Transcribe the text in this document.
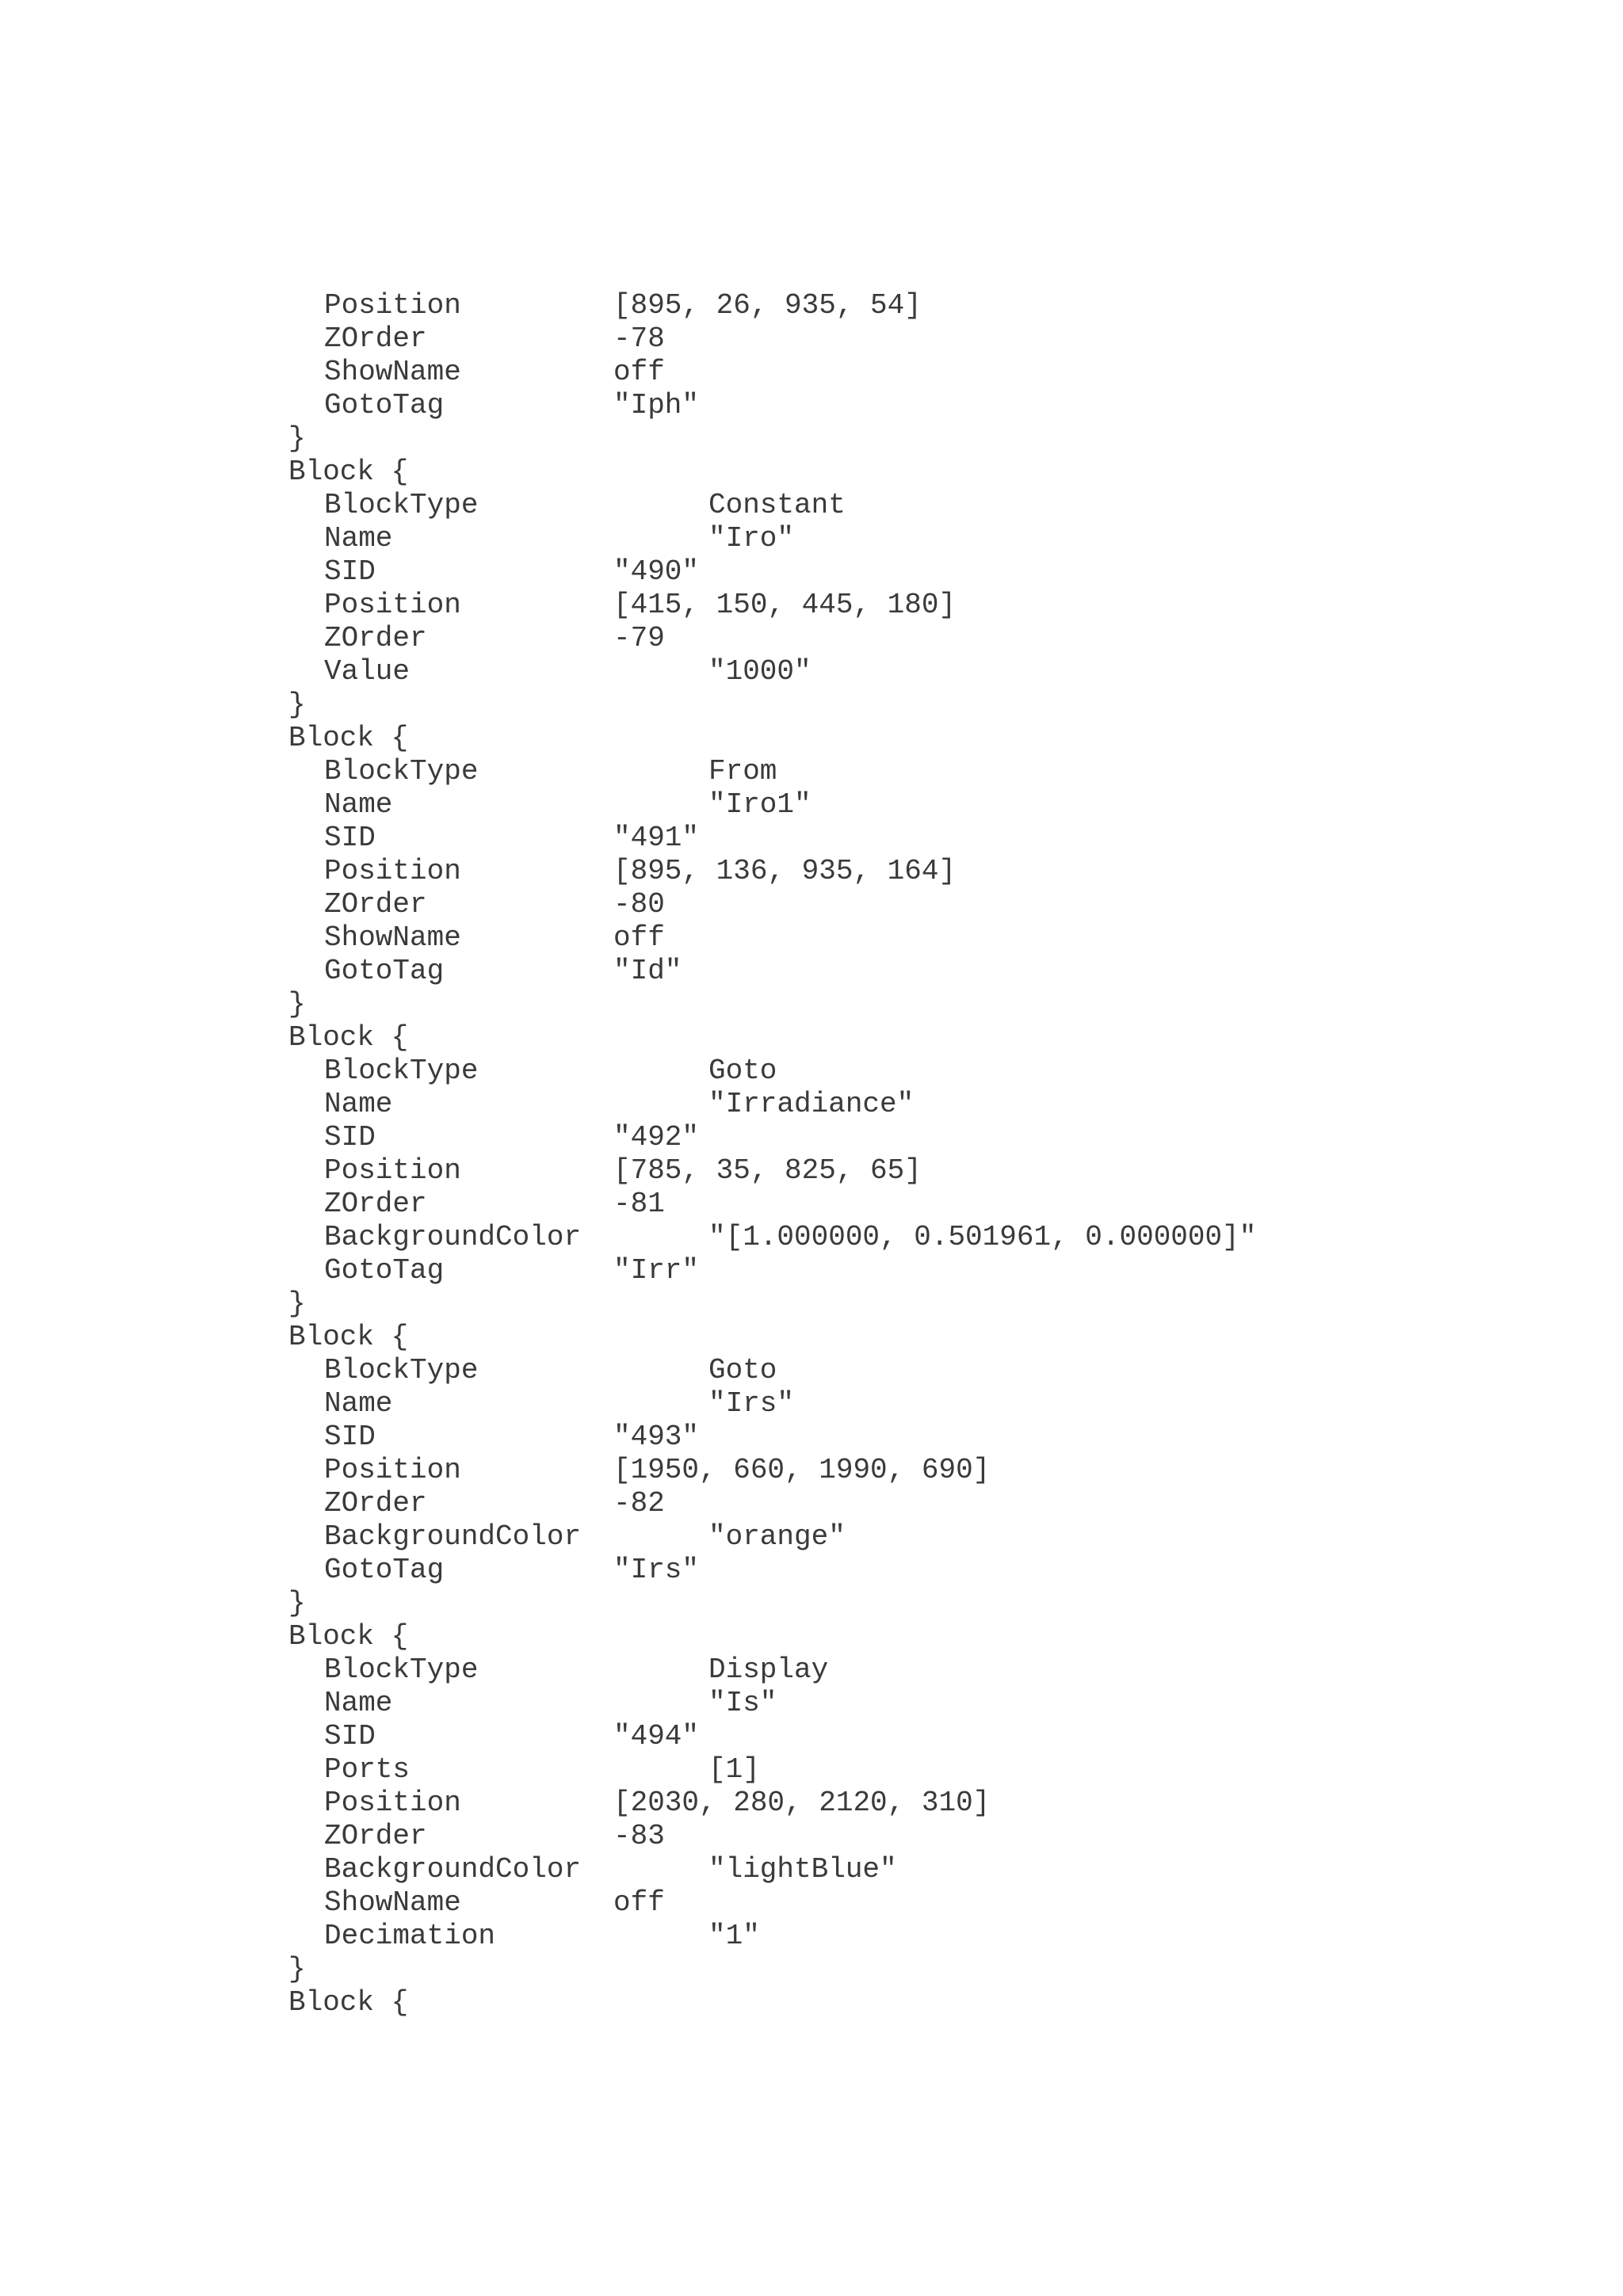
Position	[895, 26, 935, 54]
ZOrder	-78
ShowName	off
GotoTag	"Iph"
}
Block {
BlockType	Constant
Name	"Iro"
SID	"490"
Position	[415, 150, 445, 180]
ZOrder	-79
Value	"1000"
}
Block {
BlockType	From
Name	"Iro1"
SID	"491"
Position	[895, 136, 935, 164]
ZOrder	-80
ShowName	off
GotoTag	"Id"
}
Block {
BlockType	Goto
Name	"Irradiance"
SID	"492"
Position	[785, 35, 825, 65]
ZOrder	-81
BackgroundColor	"[1.000000, 0.501961, 0.000000]"
GotoTag	"Irr"
}
Block {
BlockType	Goto
Name	"Irs"
SID	"493"
Position	[1950, 660, 1990, 690]
ZOrder	-82
BackgroundColor	"orange"
GotoTag	"Irs"
}
Block {
BlockType	Display
Name	"Is"
SID	"494"
Ports	[1]
Position	[2030, 280, 2120, 310]
ZOrder	-83
BackgroundColor	"lightBlue"
ShowName	off
Decimation	"1"
}
Block {
